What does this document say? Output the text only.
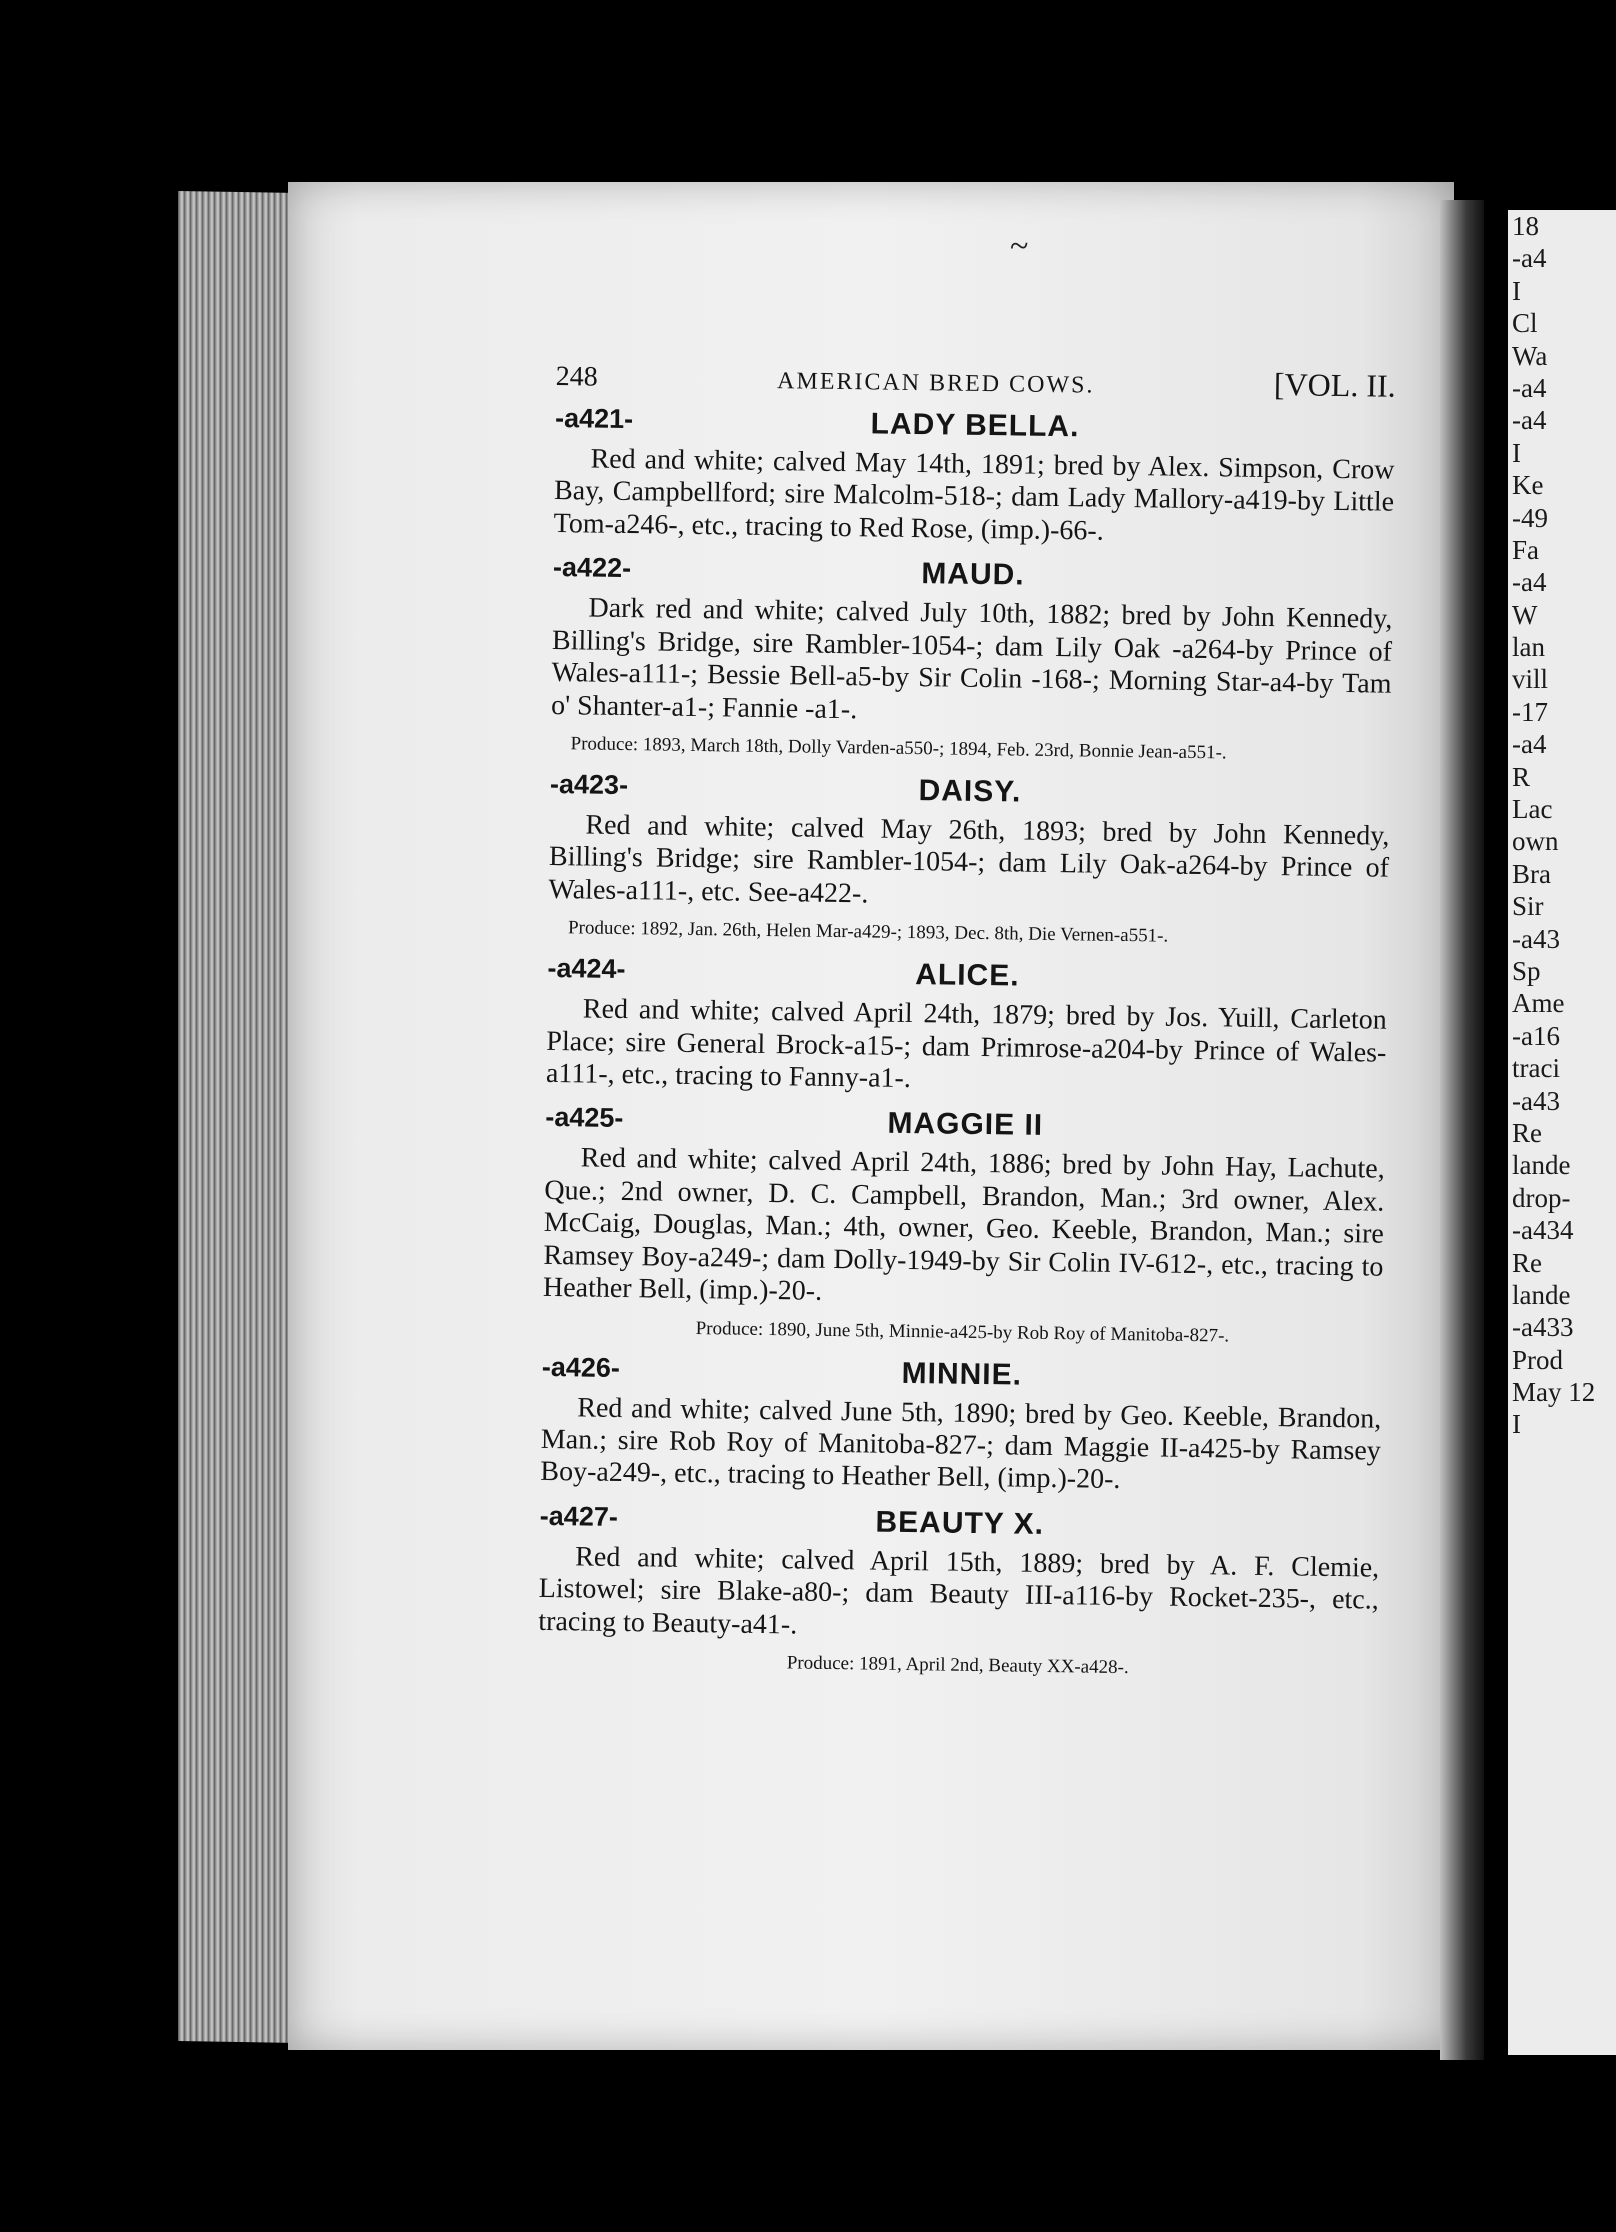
18
-a4
I
Cl
Wa
-a4
-a4
I
Ke
-49
Fa
-a4
W
lan
vill
-17
-a4
R
Lac
own
Bra
Sir
-a43
Sp
Ame
-a16
traci
-a43
Re
lande
drop-
-a434
Re
lande
-a433
Prod
May 12
I
~
248	AMERICAN BRED COWS.	[VOL. II.
-a421-	LADY BELLA.

Red and white; calved May 14th, 1891; bred by Alex. Simpson, Crow Bay, Campbellford; sire Malcolm-518-; dam Lady Mallory-a419-by Little Tom-a246-, etc., tracing to Red Rose, (imp.)-66-.

-a422-	MAUD.

Dark red and white; calved July 10th, 1882; bred by John Kennedy, Billing's Bridge, sire Rambler-1054-; dam Lily Oak -a264-by Prince of Wales-a111-; Bessie Bell-a5-by Sir Colin -168-; Morning Star-a4-by Tam o' Shanter-a1-; Fannie -a1-.

Produce: 1893, March 18th, Dolly Varden-a550-; 1894, Feb. 23rd, Bonnie Jean-a551-.

-a423-	DAISY.

Red and white; calved May 26th, 1893; bred by John Kennedy, Billing's Bridge; sire Rambler-1054-; dam Lily Oak-a264-by Prince of Wales-a111-, etc. See-a422-.

Produce: 1892, Jan. 26th, Helen Mar-a429-; 1893, Dec. 8th, Die Vernen-a551-.

-a424-	ALICE.

Red and white; calved April 24th, 1879; bred by Jos. Yuill, Carleton Place; sire General Brock-a15-; dam Primrose-a204-by Prince of Wales-a111-, etc., tracing to Fanny-a1-.

-a425-	MAGGIE II

Red and white; calved April 24th, 1886; bred by John Hay, Lachute, Que.; 2nd owner, D. C. Campbell, Brandon, Man.; 3rd owner, Alex. McCaig, Douglas, Man.; 4th, owner, Geo. Keeble, Brandon, Man.; sire Ramsey Boy-a249-; dam Dolly-1949-by Sir Colin IV-612-, etc., tracing to Heather Bell, (imp.)-20-.

Produce: 1890, June 5th, Minnie-a425-by Rob Roy of Manitoba-827-.

-a426-	MINNIE.

Red and white; calved June 5th, 1890; bred by Geo. Keeble, Brandon, Man.; sire Rob Roy of Manitoba-827-; dam Maggie II-a425-by Ramsey Boy-a249-, etc., tracing to Heather Bell, (imp.)-20-.

-a427-	BEAUTY X.

Red and white; calved April 15th, 1889; bred by A. F. Clemie, Listowel; sire Blake-a80-; dam Beauty III-a116-by Rocket-235-, etc., tracing to Beauty-a41-.

Produce: 1891, April 2nd, Beauty XX-a428-.
